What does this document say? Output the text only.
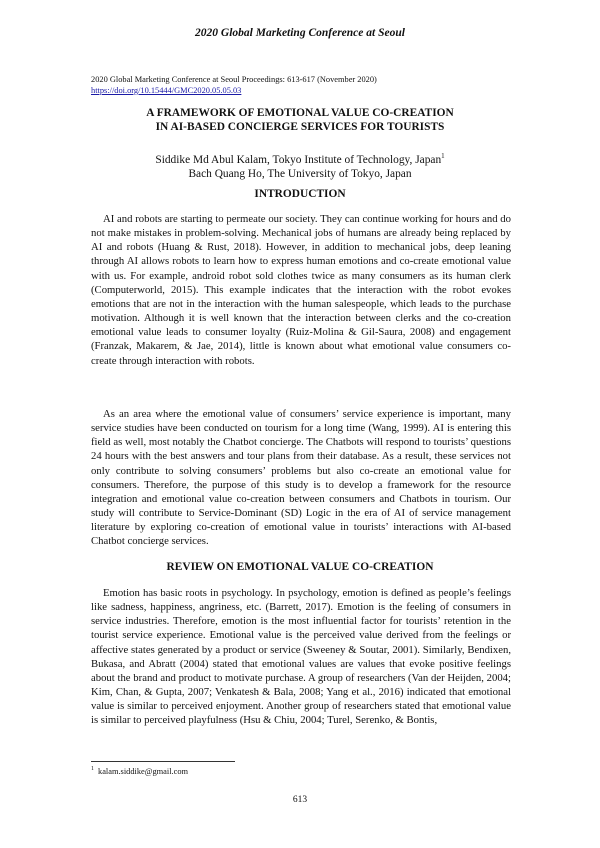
2020 Global Marketing Conference at Seoul
2020 Global Marketing Conference at Seoul Proceedings: 613-617 (November 2020)
https://doi.org/10.15444/GMC2020.05.05.03
A FRAMEWORK OF EMOTIONAL VALUE CO-CREATION
IN AI-BASED CONCIERGE SERVICES FOR TOURISTS
Siddike Md Abul Kalam, Tokyo Institute of Technology, Japan$^1$
Bach Quang Ho, The University of Tokyo, Japan
INTRODUCTION

AI and robots are starting to permeate our society. They can continue working for hours and do not make mistakes in problem-solving. Mechanical jobs of humans are already being replaced by AI and robots (Huang & Rust, 2018). However, in addition to mechanical jobs, deep leaning through AI allows robots to learn how to express human emotions and co-create emotional value with us. For example, android robot sold clothes twice as many consumers as its human clerk (Computerworld, 2015). This example indicates that the interaction with the robot evokes emotions that are not in the interaction with the human salespeople, which leads to the purchase motivation. Although it is well known that the interaction between clerks and the co-creation emotional value leads to consumer loyalty (Ruiz-Molina & Gil-Saura, 2008) and engagement (Franzak, Makarem, & Jae, 2014), little is known about what emotional value consumers co-create through interaction with robots.

As an area where the emotional value of consumers’ service experience is important, many service studies have been conducted on tourism for a long time (Wang, 1999). AI is entering this field as well, most notably the Chatbot concierge. The Chatbots will respond to tourists’ questions 24 hours with the best answers and tour plans from their database. As a result, these services not only contribute to solving consumers’ problems but also co-create an emotional value for consumers. Therefore, the purpose of this study is to develop a framework for the resource integration and emotional value co-creation between consumers and Chatbots in tourism. Our study will contribute to Service-Dominant (SD) Logic in the era of AI of service management literature by exploring co-creation of emotional value in tourists’ interactions with AI-based Chatbot concierge services.

REVIEW ON EMOTIONAL VALUE CO-CREATION

Emotion has basic roots in psychology. In psychology, emotion is defined as people’s feelings like sadness, happiness, angriness, etc. (Barrett, 2017). Emotion is the feeling of consumers in service industries. Therefore, emotion is the most influential factor for tourists’ retention in the tourist service experience. Emotional value is the perceived value derived from the feelings or affective states generated by a product or service (Sweeney & Soutar, 2001). Similarly, Bendixen, Bukasa, and Abratt (2004) stated that emotional values are values that evoke positive feelings about the brand and product to motivate purchase. A group of researchers (Van der Heijden, 2004; Kim, Chan, & Gupta, 2007; Venkatesh & Bala, 2008; Yang et al., 2016) indicated that emotional value is similar to perceived enjoyment. Another group of researchers stated that emotional value is similar to perceived playfulness (Hsu & Chiu, 2004; Turel, Serenko, & Bontis,

$^1$ kalam.siddike@gmail.com
613
